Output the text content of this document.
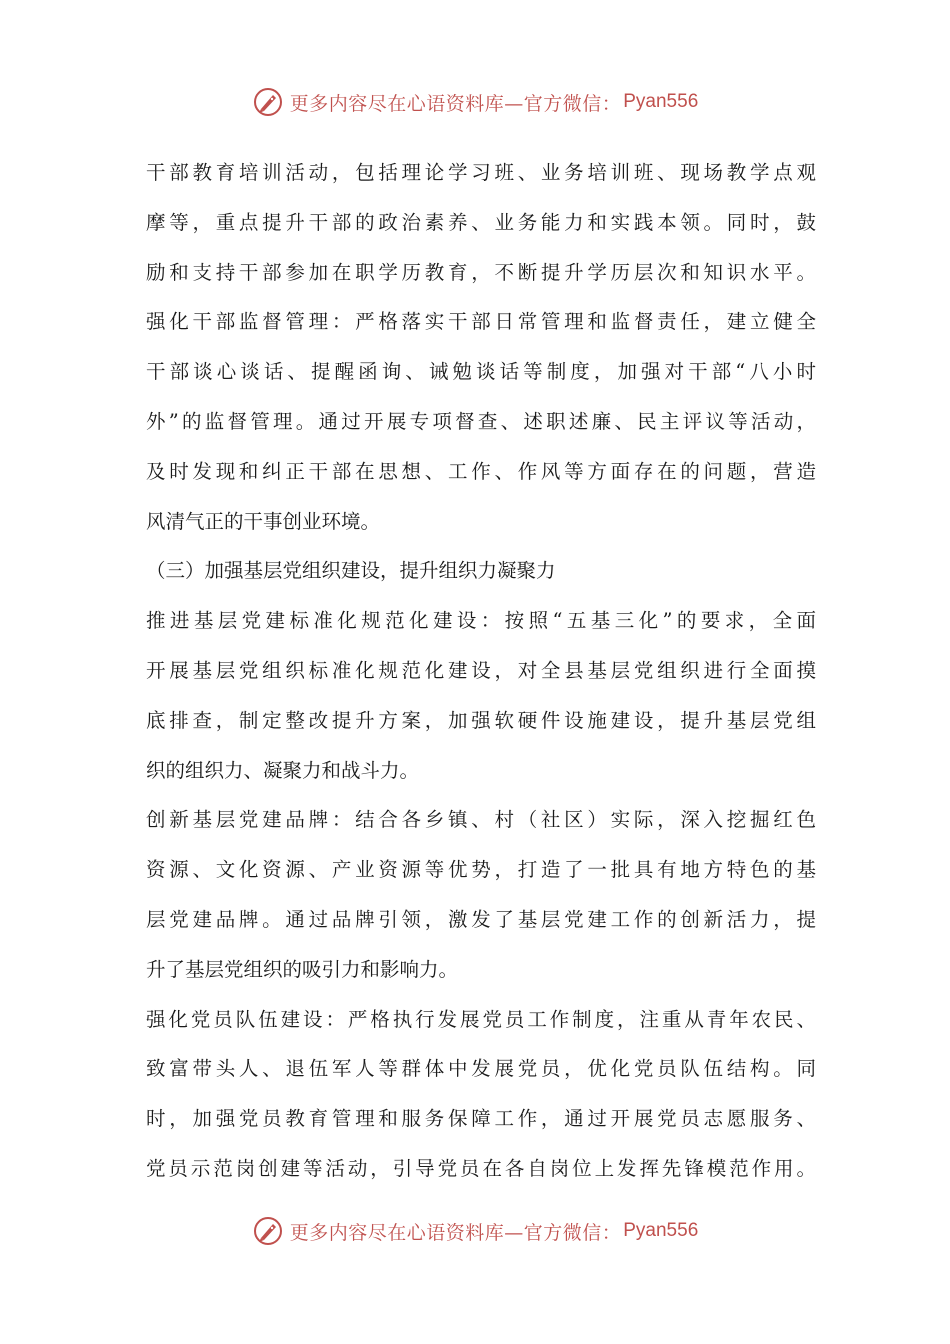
更多内容尽在心语资料库—官方微信： Pyan556
干部教育培训活动，包括理论学习班、业务培训班、现场教学点观
摩等，重点提升干部的政治素养、业务能力和实践本领。同时，鼓
励和支持干部参加在职学历教育，不断提升学历层次和知识水平。
强化干部监督管理：严格落实干部日常管理和监督责任，建立健全
干部谈心谈话、提醒函询、诫勉谈话等制度，加强对干部“八小时
外”的监督管理。通过开展专项督查、述职述廉、民主评议等活动，
及时发现和纠正干部在思想、工作、作风等方面存在的问题，营造
风清气正的干事创业环境。
（三）加强基层党组织建设，提升组织力凝聚力
推进基层党建标准化规范化建设：按照“五基三化”的要求，全面
开展基层党组织标准化规范化建设，对全县基层党组织进行全面摸
底排查，制定整改提升方案，加强软硬件设施建设，提升基层党组
织的组织力、凝聚力和战斗力。
创新基层党建品牌：结合各乡镇、村（社区）实际，深入挖掘红色
资源、文化资源、产业资源等优势，打造了一批具有地方特色的基
层党建品牌。通过品牌引领，激发了基层党建工作的创新活力，提
升了基层党组织的吸引力和影响力。
强化党员队伍建设：严格执行发展党员工作制度，注重从青年农民、
致富带头人、退伍军人等群体中发展党员，优化党员队伍结构。同
时，加强党员教育管理和服务保障工作，通过开展党员志愿服务、
党员示范岗创建等活动，引导党员在各自岗位上发挥先锋模范作用。
更多内容尽在心语资料库—官方微信： Pyan556
